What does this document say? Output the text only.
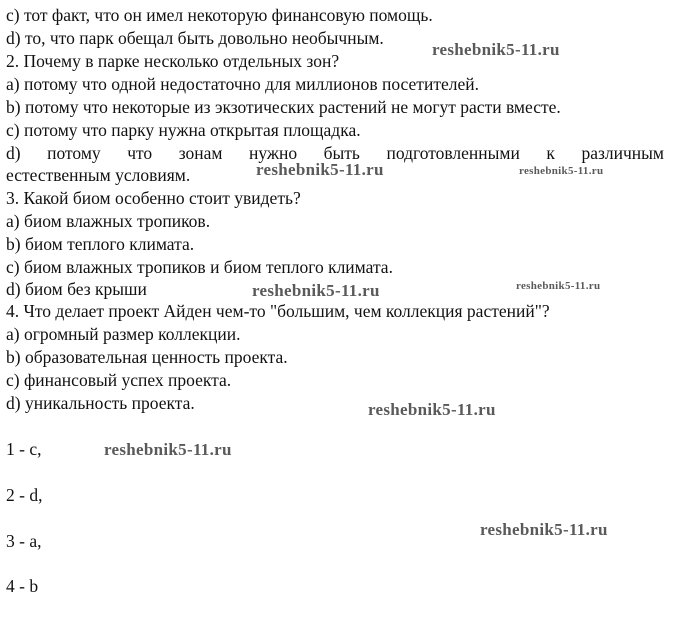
c) тот факт, что он имел некоторую финансовую помощь.
d) то, что парк обещал быть довольно необычным.
2. Почему в парке несколько отдельных зон?
a) потому что одной недостаточно для миллионов посетителей.
b) потому что некоторые из экзотических растений не могут расти вместе.
c) потому что парку нужна открытая площадка.
d) потому что зонам нужно быть подготовленными к различным
естественным условиям.
3. Какой биом особенно стоит увидеть?
a) биом влажных тропиков.
b) биом теплого климата.
c) биом влажных тропиков и биом теплого климата.
d) биом без крыши
4. Что делает проект Айден чем-то "большим, чем коллекция растений"?
a) огромный размер коллекции.
b) образовательная ценность проекта.
c) финансовый успех проекта.
d) уникальность проекта.
1 - c,
2 - d,
3 - a,
4 - b
reshebnik5-11.ru
reshebnik5-11.ru	reshebnik5-11.ru
reshebnik5-11.ru	reshebnik5-11.ru
reshebnik5-11.ru
reshebnik5-11.ru
reshebnik5-11.ru
